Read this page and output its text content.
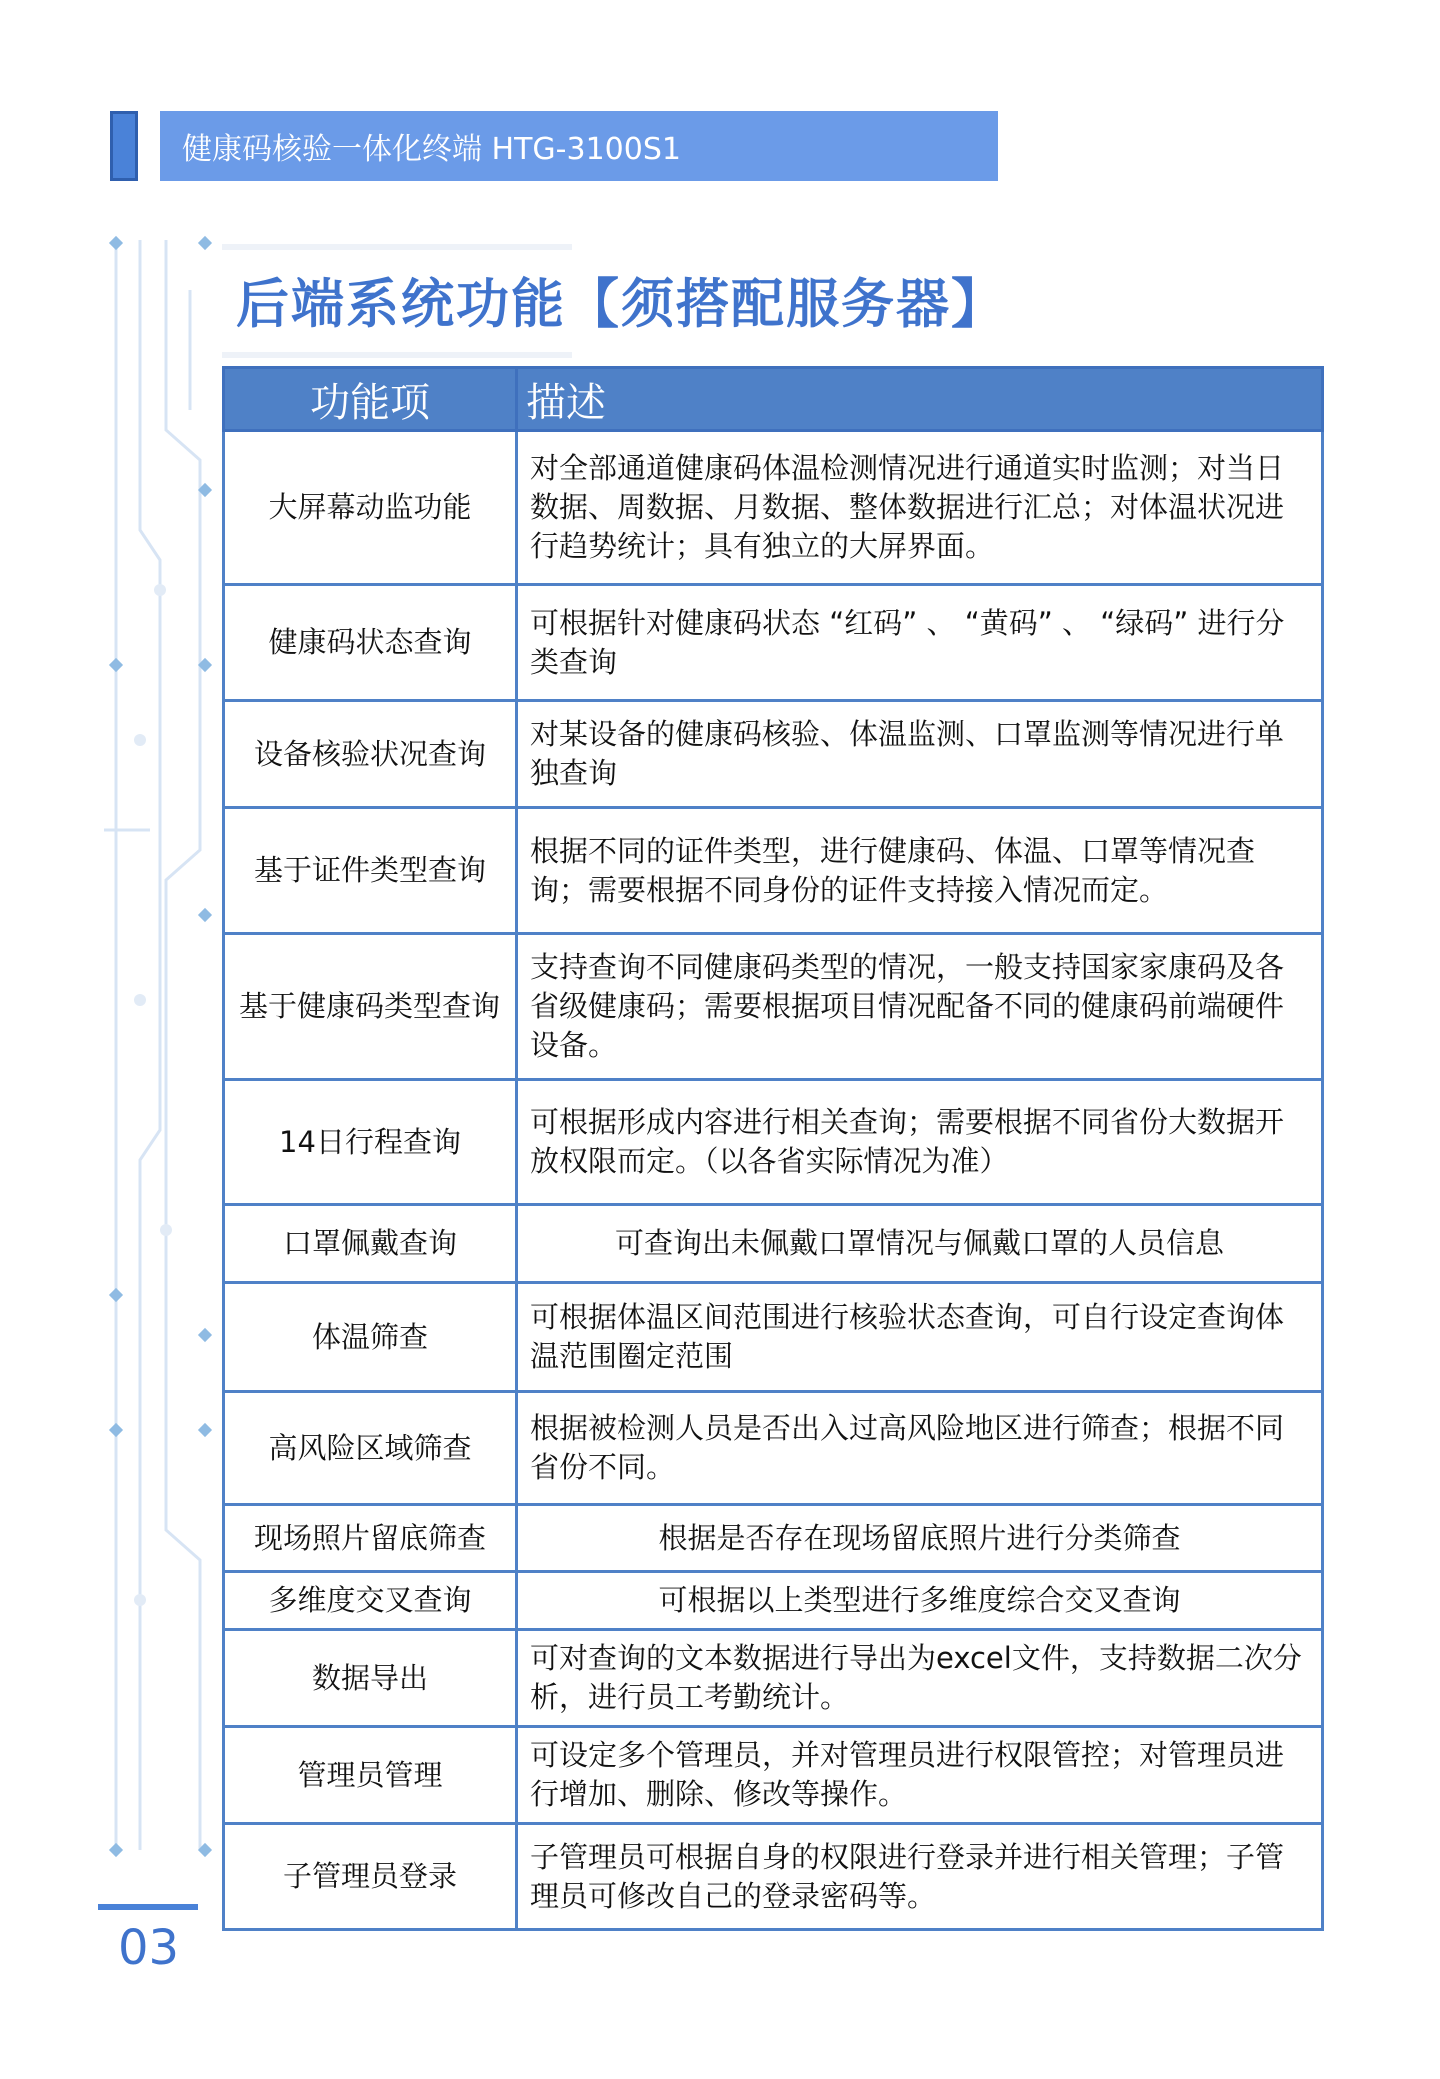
健康码核验一体化终端 HTG-3100S1
后端系统功能【须搭配服务器】
功能项	描述
大屏幕动监功能	对全部通道健康码体温检测情况进行通道实时监测；对当日数据、周数据、月数据、整体数据进行汇总；对体温状况进行趋势统计；具有独立的大屏界面。
健康码状态查询	可根据针对健康码状态 “红码” 、 “黄码” 、 “绿码” 进行分类查询
设备核验状况查询	对某设备的健康码核验、体温监测、口罩监测等情况进行单独查询
基于证件类型查询	根据不同的证件类型，进行健康码、体温、口罩等情况查询；需要根据不同身份的证件支持接入情况而定。
基于健康码类型查询	支持查询不同健康码类型的情况，一般支持国家家康码及各省级健康码；需要根据项目情况配备不同的健康码前端硬件设备。
14日行程查询	可根据形成内容进行相关查询；需要根据不同省份大数据开放权限而定。（以各省实际情况为准）
口罩佩戴查询	可查询出未佩戴口罩情况与佩戴口罩的人员信息
体温筛查	可根据体温区间范围进行核验状态查询，可自行设定查询体温范围圈定范围
高风险区域筛查	根据被检测人员是否出入过高风险地区进行筛查；根据不同省份不同。
现场照片留底筛查	根据是否存在现场留底照片进行分类筛查
多维度交叉查询	可根据以上类型进行多维度综合交叉查询
数据导出	可对查询的文本数据进行导出为excel文件，支持数据二次分析，进行员工考勤统计。
管理员管理	可设定多个管理员，并对管理员进行权限管控；对管理员进行增加、删除、修改等操作。
子管理员登录	子管理员可根据自身的权限进行登录并进行相关管理；子管理员可修改自己的登录密码等。
03
